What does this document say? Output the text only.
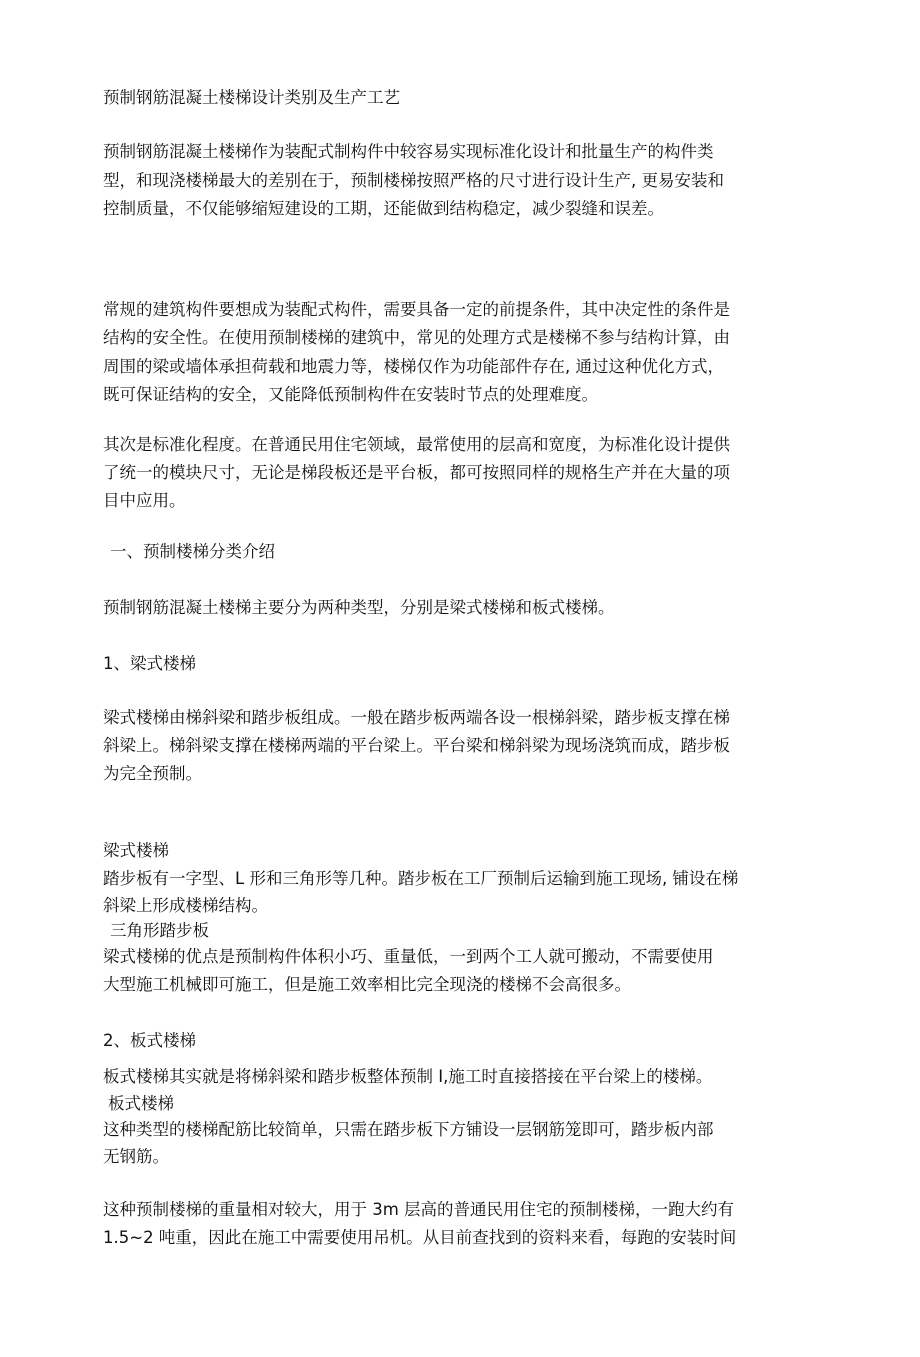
预制钢筋混凝土楼梯设计类别及生产工艺
预制钢筋混凝土楼梯作为装配式制构件中较容易实现标准化设计和批量生产的构件类
型，和现浇楼梯最大的差别在于，预制楼梯按照严格的尺寸进行设计生产, 更易安装和
控制质量，不仅能够缩短建设的工期，还能做到结构稳定，减少裂缝和误差。
常规的建筑构件要想成为装配式构件，需要具备一定的前提条件，其中决定性的条件是
结构的安全性。在使用预制楼梯的建筑中，常见的处理方式是楼梯不参与结构计算，由
周围的梁或墙体承担荷载和地震力等，楼梯仅作为功能部件存在, 通过这种优化方式，
既可保证结构的安全，又能降低预制构件在安装时节点的处理难度。
其次是标准化程度。在普通民用住宅领域，最常使用的层高和宽度，为标准化设计提供
了统一的模块尺寸，无论是梯段板还是平台板，都可按照同样的规格生产并在大量的项
目中应用。
一、预制楼梯分类介绍
预制钢筋混凝土楼梯主要分为两种类型，分别是梁式楼梯和板式楼梯。
1、梁式楼梯
梁式楼梯由梯斜梁和踏步板组成。一般在踏步板两端各设一根梯斜梁，踏步板支撑在梯
斜梁上。梯斜梁支撑在楼梯两端的平台梁上。平台梁和梯斜梁为现场浇筑而成，踏步板
为完全预制。
梁式楼梯
踏步板有一字型、L 形和三角形等几种。踏步板在工厂预制后运输到施工现场, 铺设在梯
斜梁上形成楼梯结构。
三角形踏步板
梁式楼梯的优点是预制构件体积小巧、重量低，一到两个工人就可搬动，不需要使用
大型施工机械即可施工，但是施工效率相比完全现浇的楼梯不会高很多。
2、板式楼梯
板式楼梯其实就是将梯斜梁和踏步板整体预制 I,施工时直接搭接在平台梁上的楼梯。
板式楼梯
这种类型的楼梯配筋比较简单，只需在踏步板下方铺设一层钢筋笼即可，踏步板内部
无钢筋。
这种预制楼梯的重量相对较大，用于 3m 层高的普通民用住宅的预制楼梯，一跑大约有
1.5~2 吨重，因此在施工中需要使用吊机。从目前查找到的资料来看，每跑的安装时间
